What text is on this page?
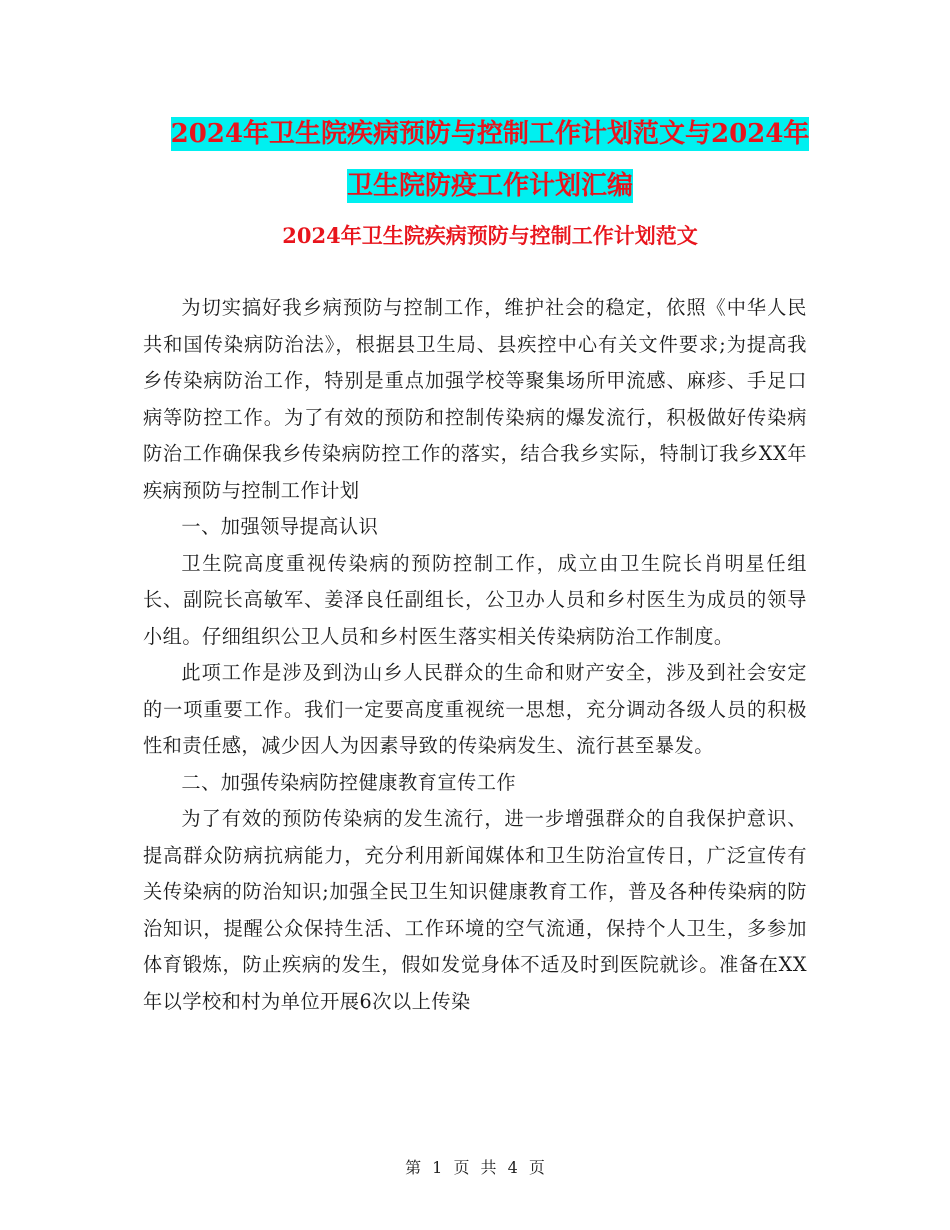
2024年卫生院疾病预防与控制工作计划范文与2024年
卫生院防疫工作计划汇编
2024年卫生院疾病预防与控制工作计划范文

为切实搞好我乡病预防与控制工作，维护社会的稳定，依照《中华人民共和国传染病防治法》，根据县卫生局、县疾控中心有关文件要求;为提高我乡传染病防治工作，特别是重点加强学校等聚集场所甲流感、麻疹、手足口病等防控工作。为了有效的预防和控制传染病的爆发流行，积极做好传染病防治工作确保我乡传染病防控工作的落实，结合我乡实际，特制订我乡XX年疾病预防与控制工作计划

一、加强领导提高认识

卫生院高度重视传染病的预防控制工作，成立由卫生院长肖明星任组长、副院长高敏军、姜泽良任副组长，公卫办人员和乡村医生为成员的领导小组。仔细组织公卫人员和乡村医生落实相关传染病防治工作制度。

此项工作是涉及到沩山乡人民群众的生命和财产安全，涉及到社会安定的一项重要工作。我们一定要高度重视统一思想，充分调动各级人员的积极性和责任感，减少因人为因素导致的传染病发生、流行甚至暴发。

二、加强传染病防控健康教育宣传工作

为了有效的预防传染病的发生流行，进一步增强群众的自我保护意识、提高群众防病抗病能力，充分利用新闻媒体和卫生防治宣传日，广泛宣传有关传染病的防治知识;加强全民卫生知识健康教育工作，普及各种传染病的防治知识，提醒公众保持生活、工作环境的空气流通，保持个人卫生，多参加体育锻炼，防止疾病的发生，假如发觉身体不适及时到医院就诊。准备在XX年以学校和村为单位开展6次以上传染

第 1 页 共 4 页
